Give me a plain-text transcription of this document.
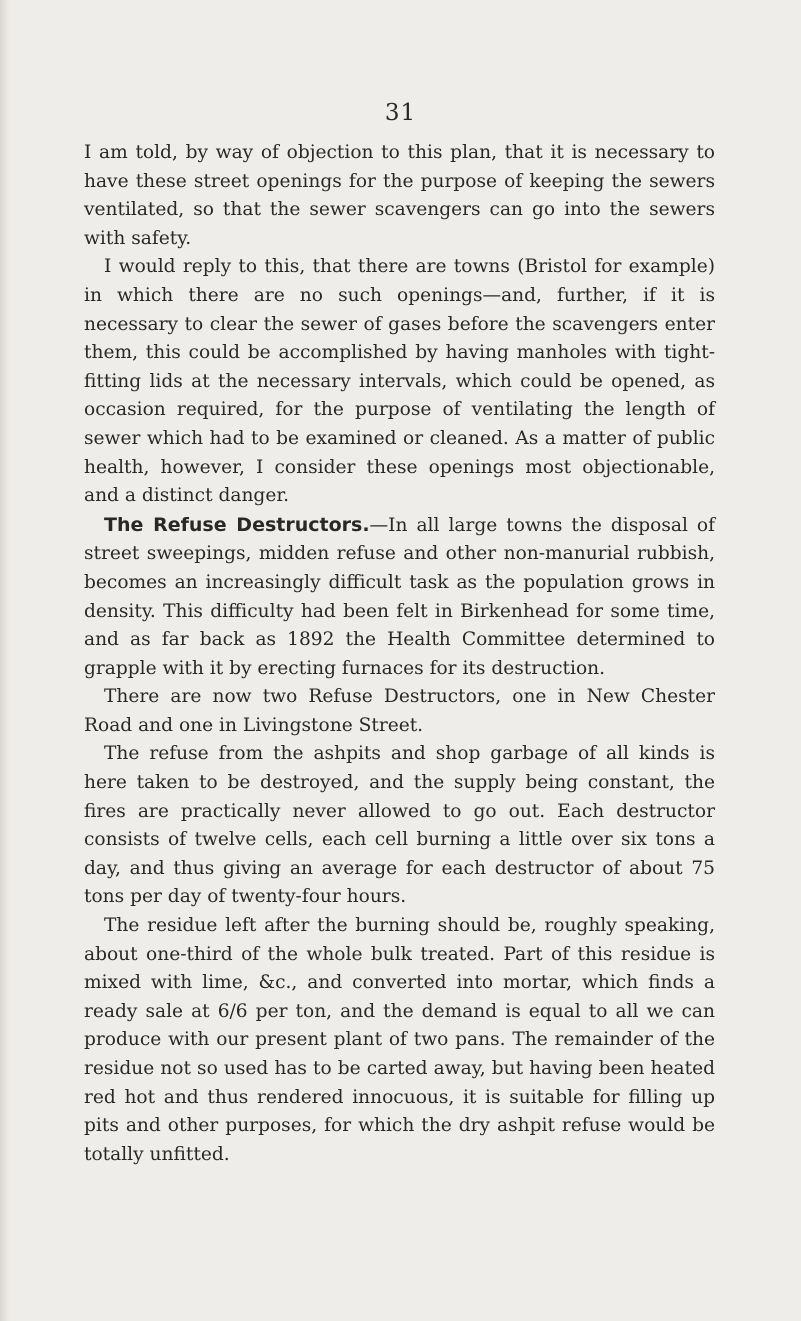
31

I am told, by way of objection to this plan, that it is necessary to have these street openings for the purpose of keeping the sewers ventilated, so that the sewer scavengers can go into the sewers with safety.

I would reply to this, that there are towns (Bristol for example) in which there are no such openings—and, further, if it is necessary to clear the sewer of gases before the scavengers enter them, this could be accomplished by having manholes with tight-fitting lids at the necessary intervals, which could be opened, as occasion required, for the purpose of ventilating the length of sewer which had to be examined or cleaned. As a matter of public health, however, I consider these openings most objectionable, and a distinct danger.

The Refuse Destructors.—In all large towns the disposal of street sweepings, midden refuse and other non-manurial rubbish, becomes an increasingly difficult task as the population grows in density. This difficulty had been felt in Birkenhead for some time, and as far back as 1892 the Health Committee determined to grapple with it by erecting furnaces for its destruction.

There are now two Refuse Destructors, one in New Chester Road and one in Livingstone Street.

The refuse from the ashpits and shop garbage of all kinds is here taken to be destroyed, and the supply being constant, the fires are practically never allowed to go out. Each destructor consists of twelve cells, each cell burning a little over six tons a day, and thus giving an average for each destructor of about 75 tons per day of twenty-four hours.

The residue left after the burning should be, roughly speaking, about one-third of the whole bulk treated. Part of this residue is mixed with lime, &c., and converted into mortar, which finds a ready sale at 6/6 per ton, and the demand is equal to all we can produce with our present plant of two pans. The remainder of the residue not so used has to be carted away, but having been heated red hot and thus rendered innocuous, it is suitable for filling up pits and other purposes, for which the dry ashpit refuse would be totally unfitted.
